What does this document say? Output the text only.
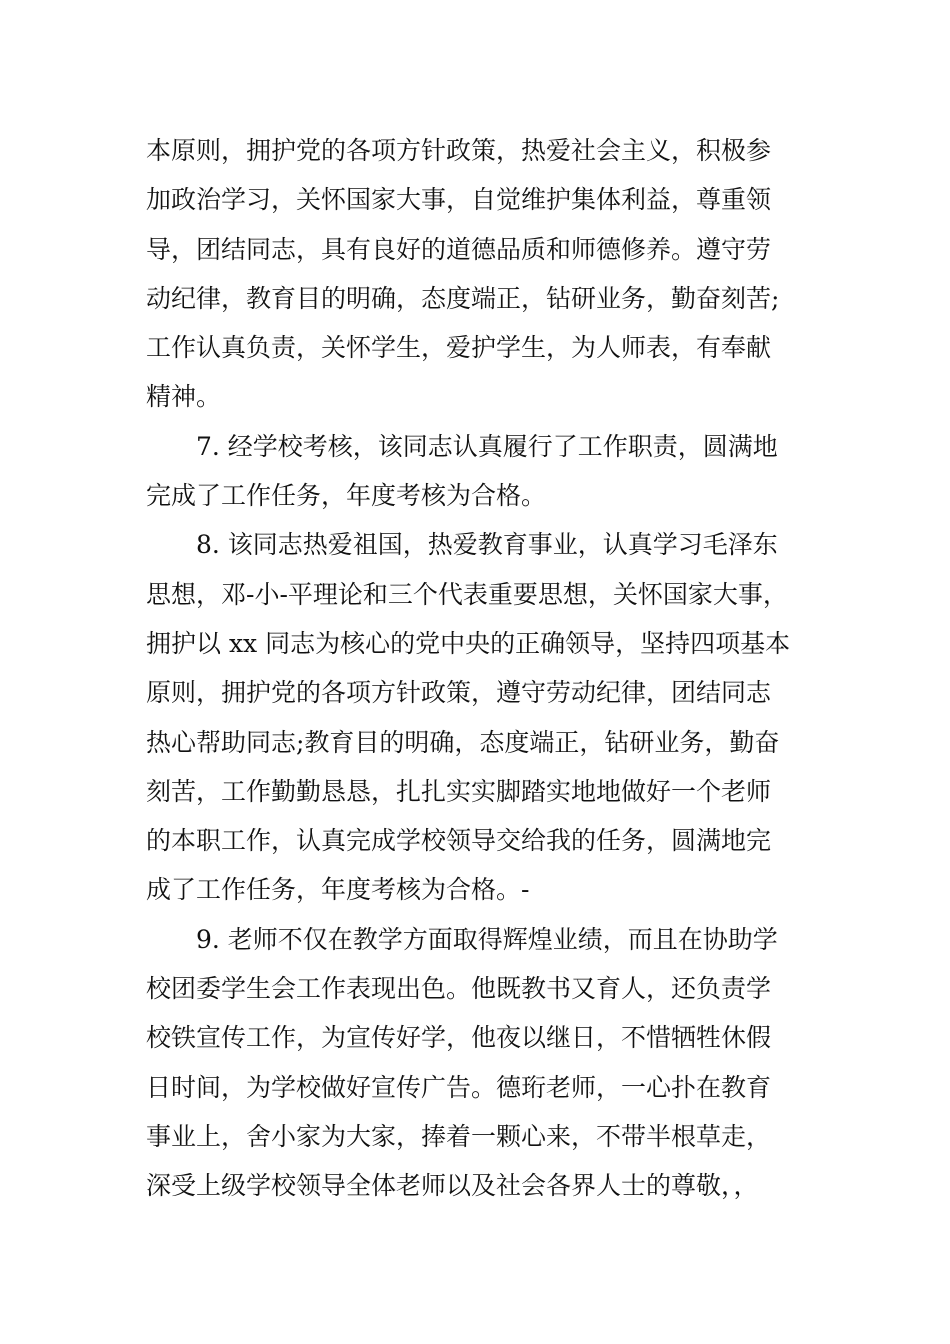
本原则，拥护党的各项方针政策，热爱社会主义，积极参
加政治学习，关怀国家大事，自觉维护集体利益，尊重领
导，团结同志，具有良好的道德品质和师德修养。遵守劳
动纪律，教育目的明确，态度端正，钻研业务，勤奋刻苦;
工作认真负责，关怀学生，爱护学生，为人师表，有奉献
精神。
7. 经学校考核，该同志认真履行了工作职责，圆满地
完成了工作任务，年度考核为合格。
8. 该同志热爱祖国，热爱教育事业，认真学习毛泽东
思想，邓-小-平理论和三个代表重要思想，关怀国家大事，
拥护以 xx 同志为核心的党中央的正确领导，坚持四项基本
原则，拥护党的各项方针政策，遵守劳动纪律，团结同志
热心帮助同志;教育目的明确，态度端正，钻研业务，勤奋
刻苦，工作勤勤恳恳，扎扎实实脚踏实地地做好一个老师
的本职工作，认真完成学校领导交给我的任务，圆满地完
成了工作任务，年度考核为合格。-
9. 老师不仅在教学方面取得辉煌业绩，而且在协助学
校团委学生会工作表现出色。他既教书又育人，还负责学
校铁宣传工作，为宣传好学，他夜以继日，不惜牺牲休假
日时间，为学校做好宣传广告。德珩老师，一心扑在教育
事业上，舍小家为大家，捧着一颗心来，不带半根草走，
深受上级学校领导全体老师以及社会各界人士的尊敬，，
